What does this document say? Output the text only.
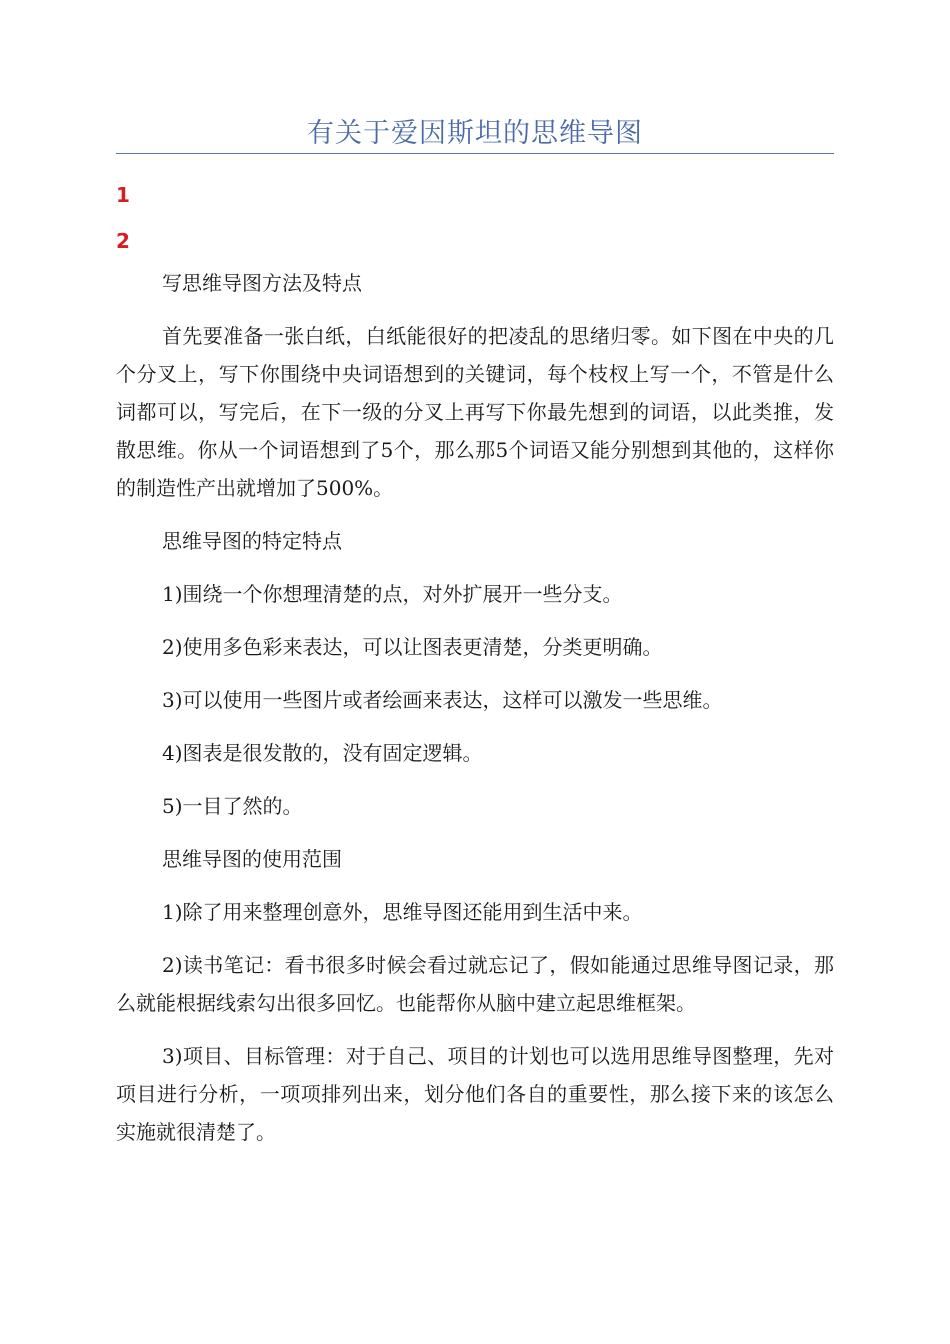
有关于爱因斯坦的思维导图
1
2

写思维导图方法及特点

首先要准备一张白纸，白纸能很好的把凌乱的思绪归零。如下图在中央的几个分叉上，写下你围绕中央词语想到的关键词，每个枝杈上写一个，不管是什么词都可以，写完后，在下一级的分叉上再写下你最先想到的词语，以此类推，发散思维。你从一个词语想到了5个，那么那5个词语又能分别想到其他的，这样你的制造性产出就增加了500%。

思维导图的特定特点

1)围绕一个你想理清楚的点，对外扩展开一些分支。

2)使用多色彩来表达，可以让图表更清楚，分类更明确。

3)可以使用一些图片或者绘画来表达，这样可以激发一些思维。

4)图表是很发散的，没有固定逻辑。

5)一目了然的。

思维导图的使用范围

1)除了用来整理创意外，思维导图还能用到生活中来。

2)读书笔记：看书很多时候会看过就忘记了，假如能通过思维导图记录，那么就能根据线索勾出很多回忆。也能帮你从脑中建立起思维框架。

3)项目、目标管理：对于自己、项目的计划也可以选用思维导图整理，先对项目进行分析，一项项排列出来，划分他们各自的重要性，那么接下来的该怎么实施就很清楚了。
